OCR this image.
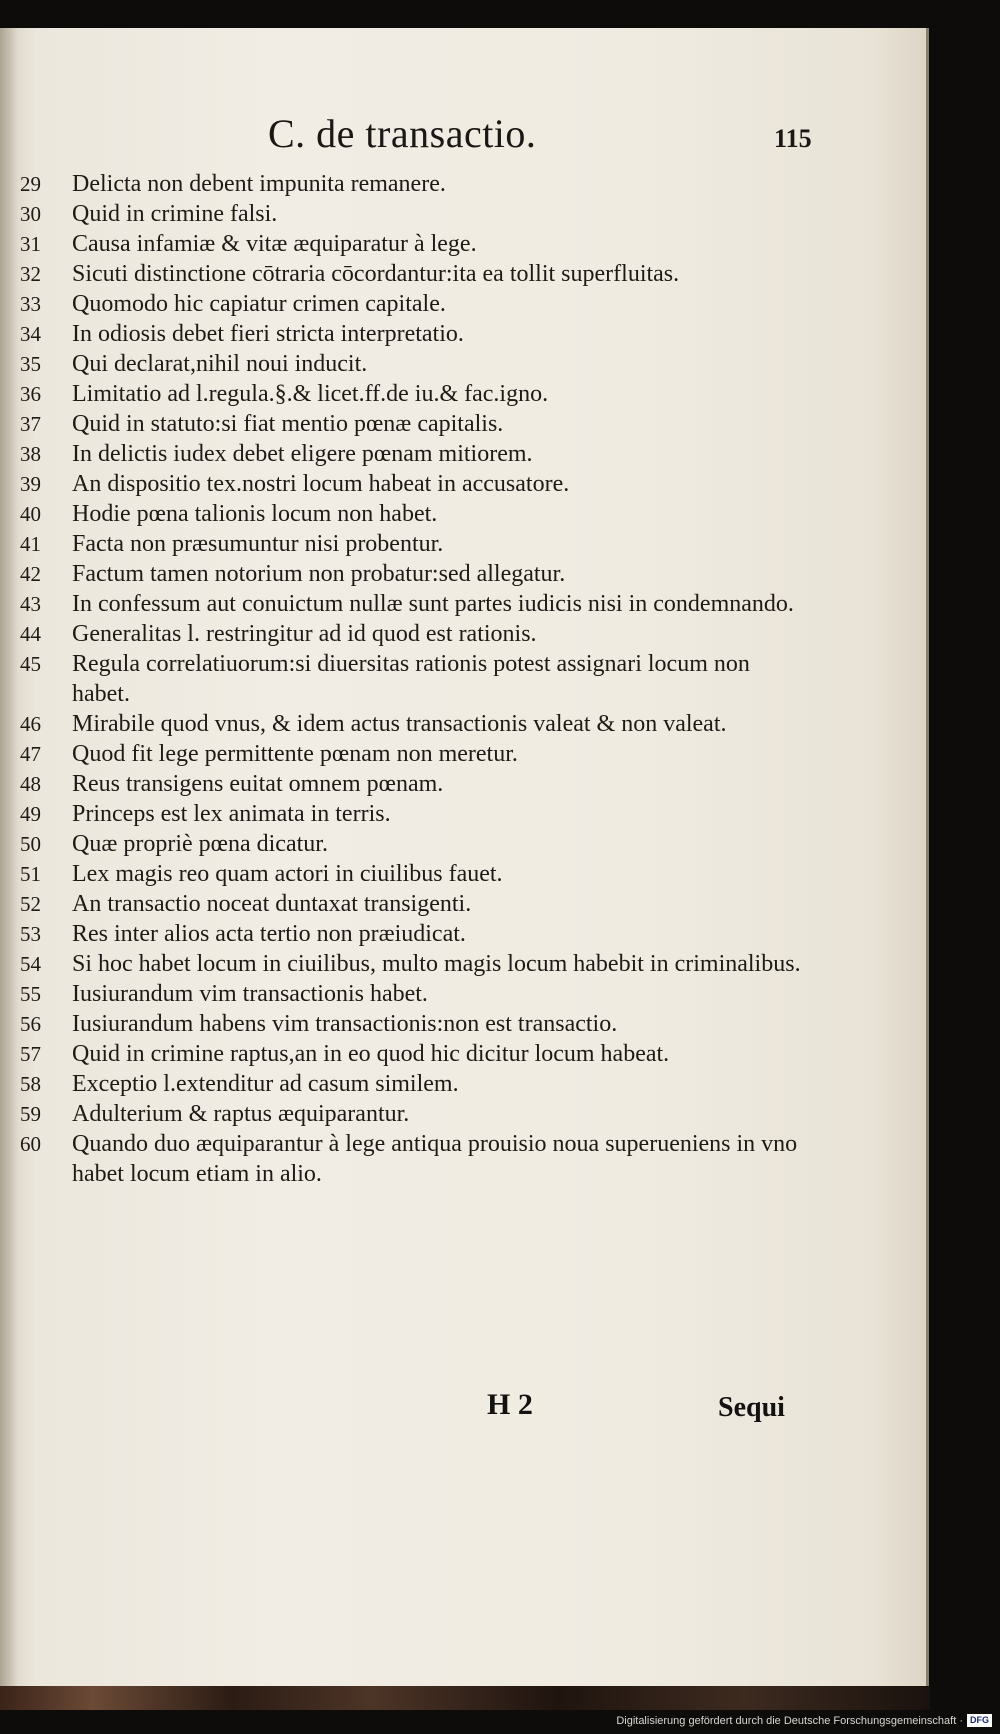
C. de transactio.	115
29	Delicta non debent impunita remanere.
30	Quid in crimine falsi.
31	Causa infamiæ & vitæ æquiparatur à lege.
32	Sicuti distinctione cōtraria cōcordantur:ita ea tollit superfluitas.
33	Quomodo hic capiatur crimen capitale.
34	In odiosis debet fieri stricta interpretatio.
35	Qui declarat,nihil noui inducit.
36	Limitatio ad l.regula.§.& licet.ff.de iu.& fac.igno.
37	Quid in statuto:si fiat mentio pœnæ capitalis.
38	In delictis iudex debet eligere pœnam mitiorem.
39	An dispositio tex.nostri locum habeat in accusatore.
40	Hodie pœna talionis locum non habet.
41	Facta non præsumuntur nisi probentur.
42	Factum tamen notorium non probatur:sed allegatur.
43	In confessum aut conuictum nullæ sunt partes iudicis nisi in condemnando.
44	Generalitas l. restringitur ad id quod est rationis.
45	Regula correlatiuorum:si diuersitas rationis potest assignari locum non habet.
46	Mirabile quod vnus, & idem actus transactionis valeat & non valeat.
47	Quod fit lege permittente pœnam non meretur.
48	Reus transigens euitat omnem pœnam.
49	Princeps est lex animata in terris.
50	Quæ propriè pœna dicatur.
51	Lex magis reo quam actori in ciuilibus fauet.
52	An transactio noceat duntaxat transigenti.
53	Res inter alios acta tertio non præiudicat.
54	Si hoc habet locum in ciuilibus, multo magis locum habebit in criminalibus.
55	Iusiurandum vim transactionis habet.
56	Iusiurandum habens vim transactionis:non est transactio.
57	Quid in crimine raptus,an in eo quod hic dicitur locum habeat.
58	Exceptio l.extenditur ad casum similem.
59	Adulterium & raptus æquiparantur.
60	Quando duo æquiparantur à lege antiqua prouisio noua superueniens in vno habet locum etiam in alio.
H 2	Sequi
Digitalisierung gefördert durch die Deutsche Forschungsgemeinschaft · DFG
